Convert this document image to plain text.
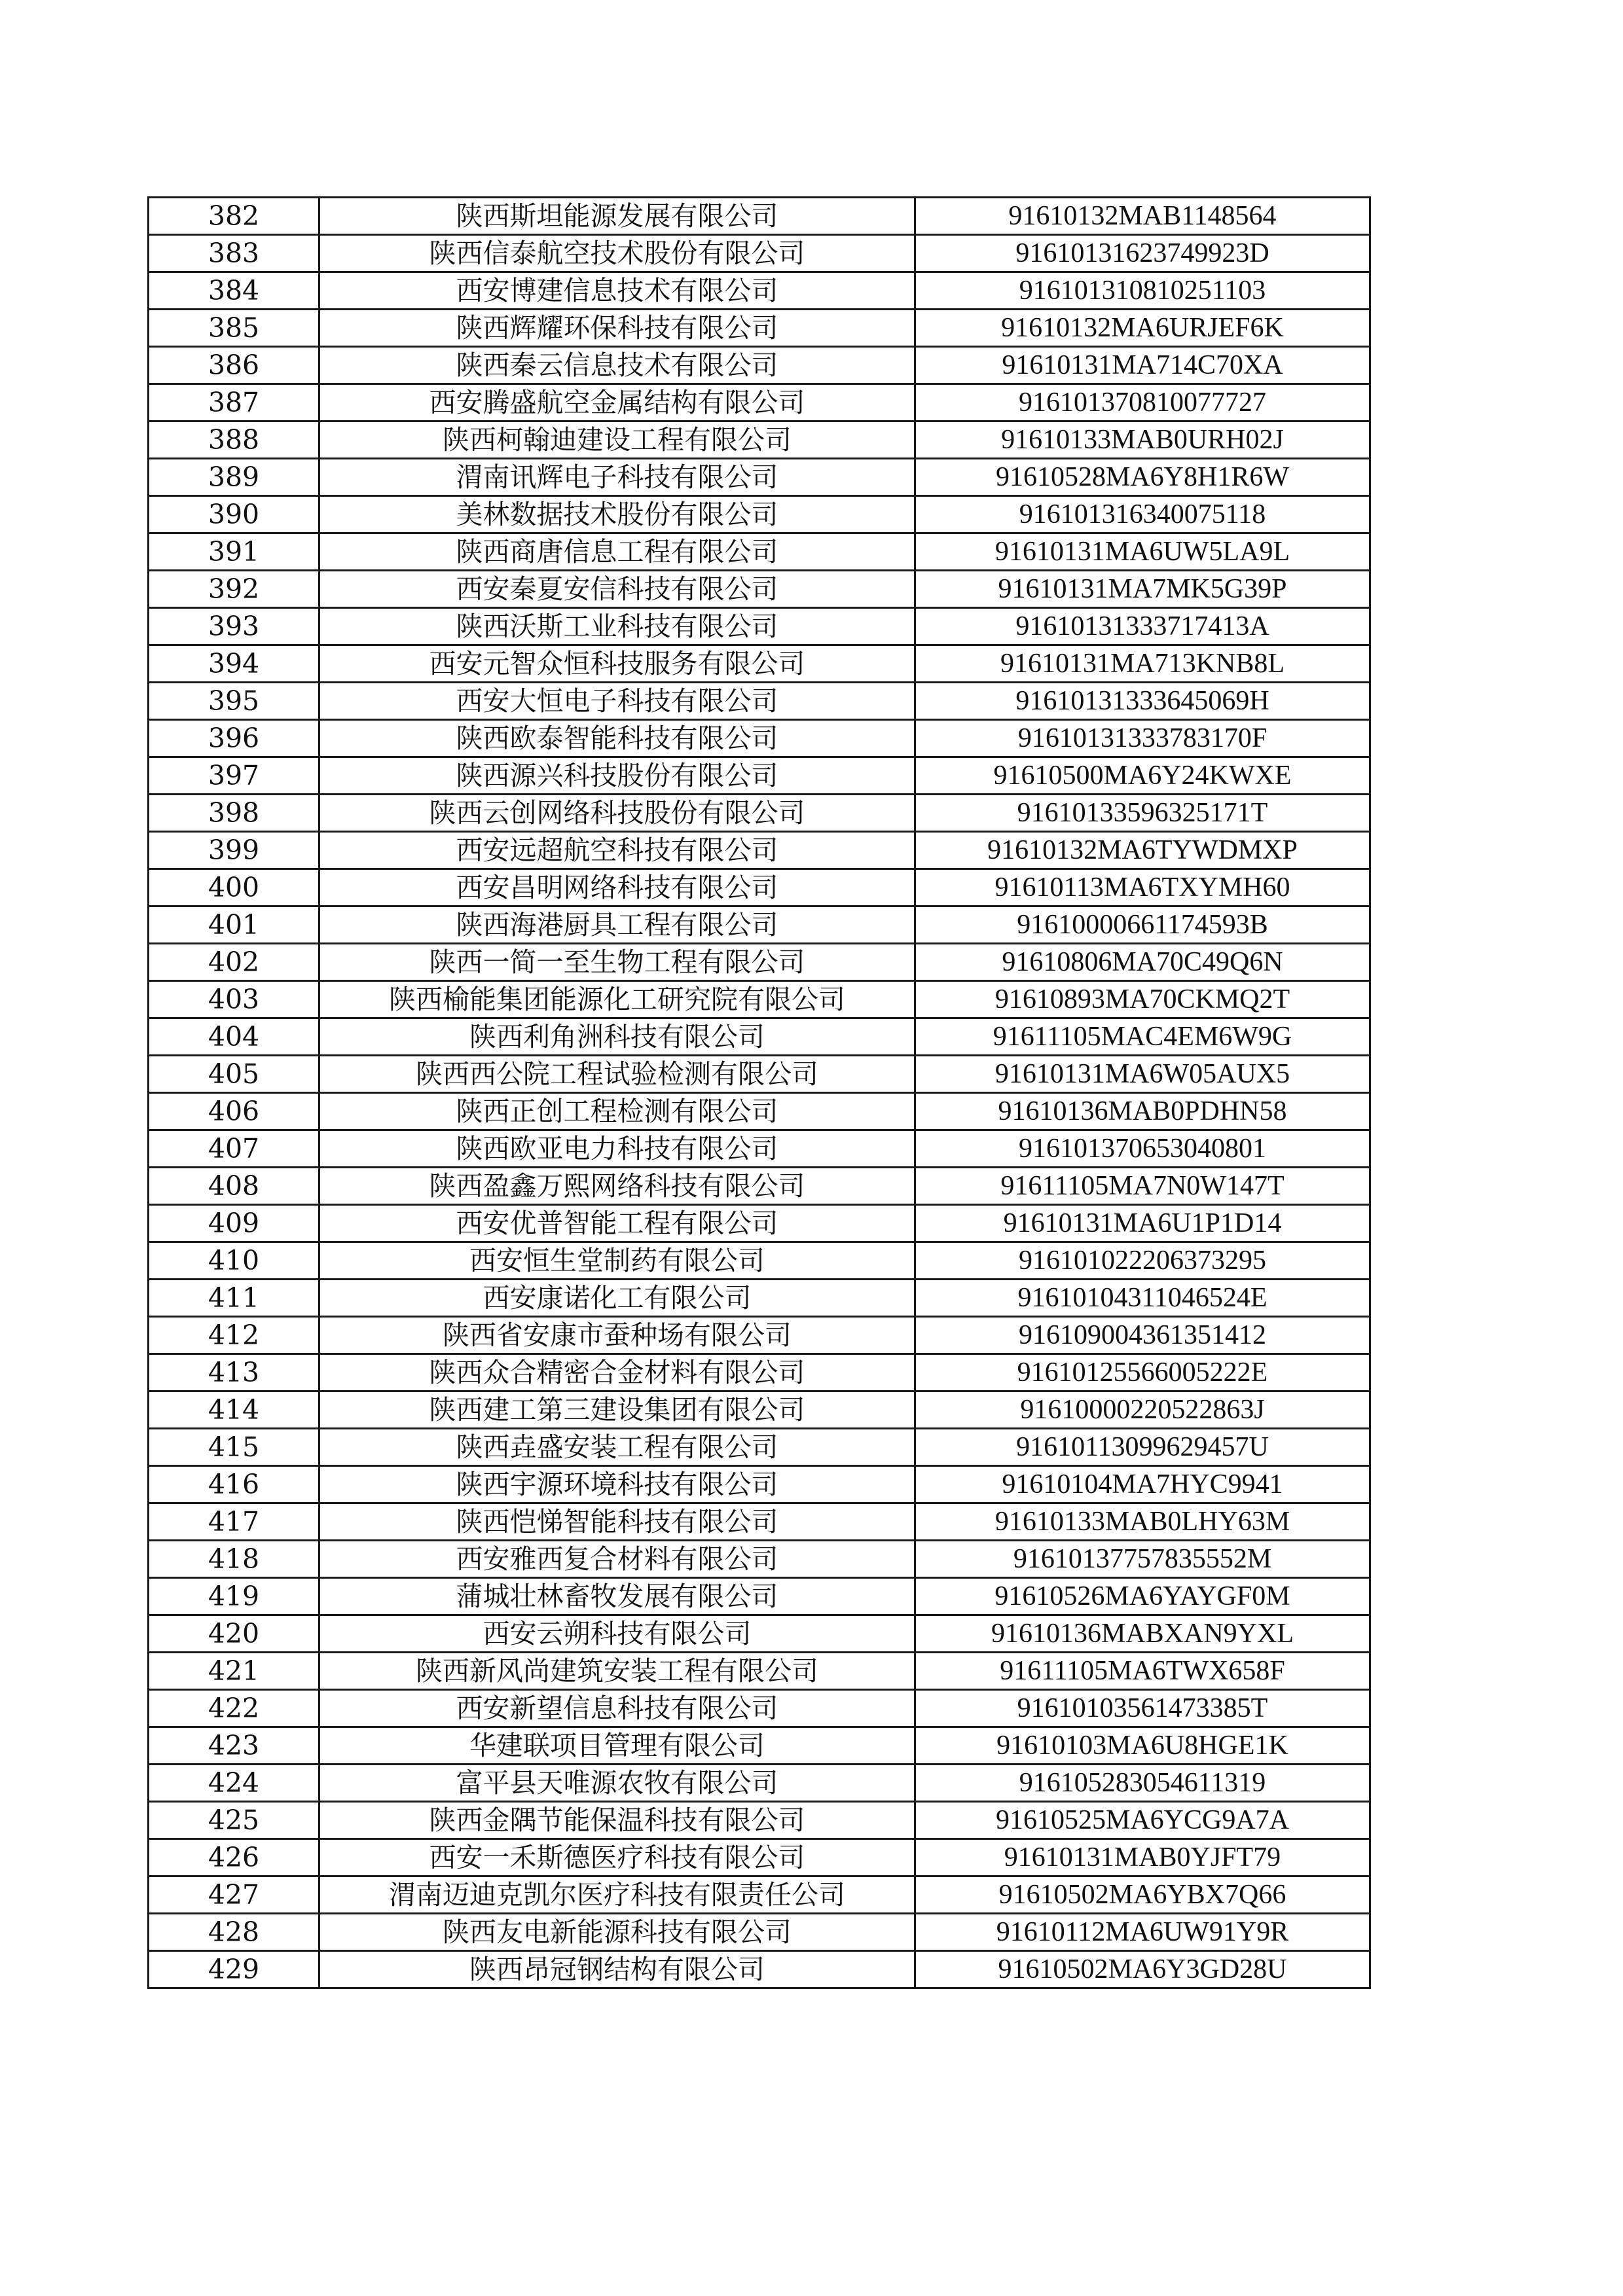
382	陕西斯坦能源发展有限公司	91610132MAB1148564
383	陕西信泰航空技术股份有限公司	91610131623749923D
384	西安博建信息技术有限公司	916101310810251103
385	陕西辉耀环保科技有限公司	91610132MA6URJEF6K
386	陕西秦云信息技术有限公司	91610131MA714C70XA
387	西安腾盛航空金属结构有限公司	916101370810077727
388	陕西柯翰迪建设工程有限公司	91610133MAB0URH02J
389	渭南讯辉电子科技有限公司	91610528MA6Y8H1R6W
390	美林数据技术股份有限公司	916101316340075118
391	陕西商唐信息工程有限公司	91610131MA6UW5LA9L
392	西安秦夏安信科技有限公司	91610131MA7MK5G39P
393	陕西沃斯工业科技有限公司	91610131333717413A
394	西安元智众恒科技服务有限公司	91610131MA713KNB8L
395	西安大恒电子科技有限公司	91610131333645069H
396	陕西欧泰智能科技有限公司	91610131333783170F
397	陕西源兴科技股份有限公司	91610500MA6Y24KWXE
398	陕西云创网络科技股份有限公司	91610133596325171T
399	西安远超航空科技有限公司	91610132MA6TYWDMXP
400	西安昌明网络科技有限公司	91610113MA6TXYMH60
401	陕西海港厨具工程有限公司	91610000661174593B
402	陕西一简一至生物工程有限公司	91610806MA70C49Q6N
403	陕西榆能集团能源化工研究院有限公司	91610893MA70CKMQ2T
404	陕西利角洲科技有限公司	91611105MAC4EM6W9G
405	陕西西公院工程试验检测有限公司	91610131MA6W05AUX5
406	陕西正创工程检测有限公司	91610136MAB0PDHN58
407	陕西欧亚电力科技有限公司	916101370653040801
408	陕西盈鑫万熙网络科技有限公司	91611105MA7N0W147T
409	西安优普智能工程有限公司	91610131MA6U1P1D14
410	西安恒生堂制药有限公司	916101022206373295
411	西安康诺化工有限公司	91610104311046524E
412	陕西省安康市蚕种场有限公司	916109004361351412
413	陕西众合精密合金材料有限公司	91610125566005222E
414	陕西建工第三建设集团有限公司	91610000220522863J
415	陕西垚盛安装工程有限公司	91610113099629457U
416	陕西宇源环境科技有限公司	91610104MA7HYC9941
417	陕西恺悌智能科技有限公司	91610133MAB0LHY63M
418	西安雅西复合材料有限公司	91610137757835552M
419	蒲城壮林畜牧发展有限公司	91610526MA6YAYGF0M
420	西安云朔科技有限公司	91610136MABXAN9YXL
421	陕西新风尚建筑安装工程有限公司	91611105MA6TWX658F
422	西安新望信息科技有限公司	91610103561473385T
423	华建联项目管理有限公司	91610103MA6U8HGE1K
424	富平县天唯源农牧有限公司	916105283054611319
425	陕西金隅节能保温科技有限公司	91610525MA6YCG9A7A
426	西安一禾斯德医疗科技有限公司	91610131MAB0YJFT79
427	渭南迈迪克凯尔医疗科技有限责任公司	91610502MA6YBX7Q66
428	陕西友电新能源科技有限公司	91610112MA6UW91Y9R
429	陕西昂冠钢结构有限公司	91610502MA6Y3GD28U
